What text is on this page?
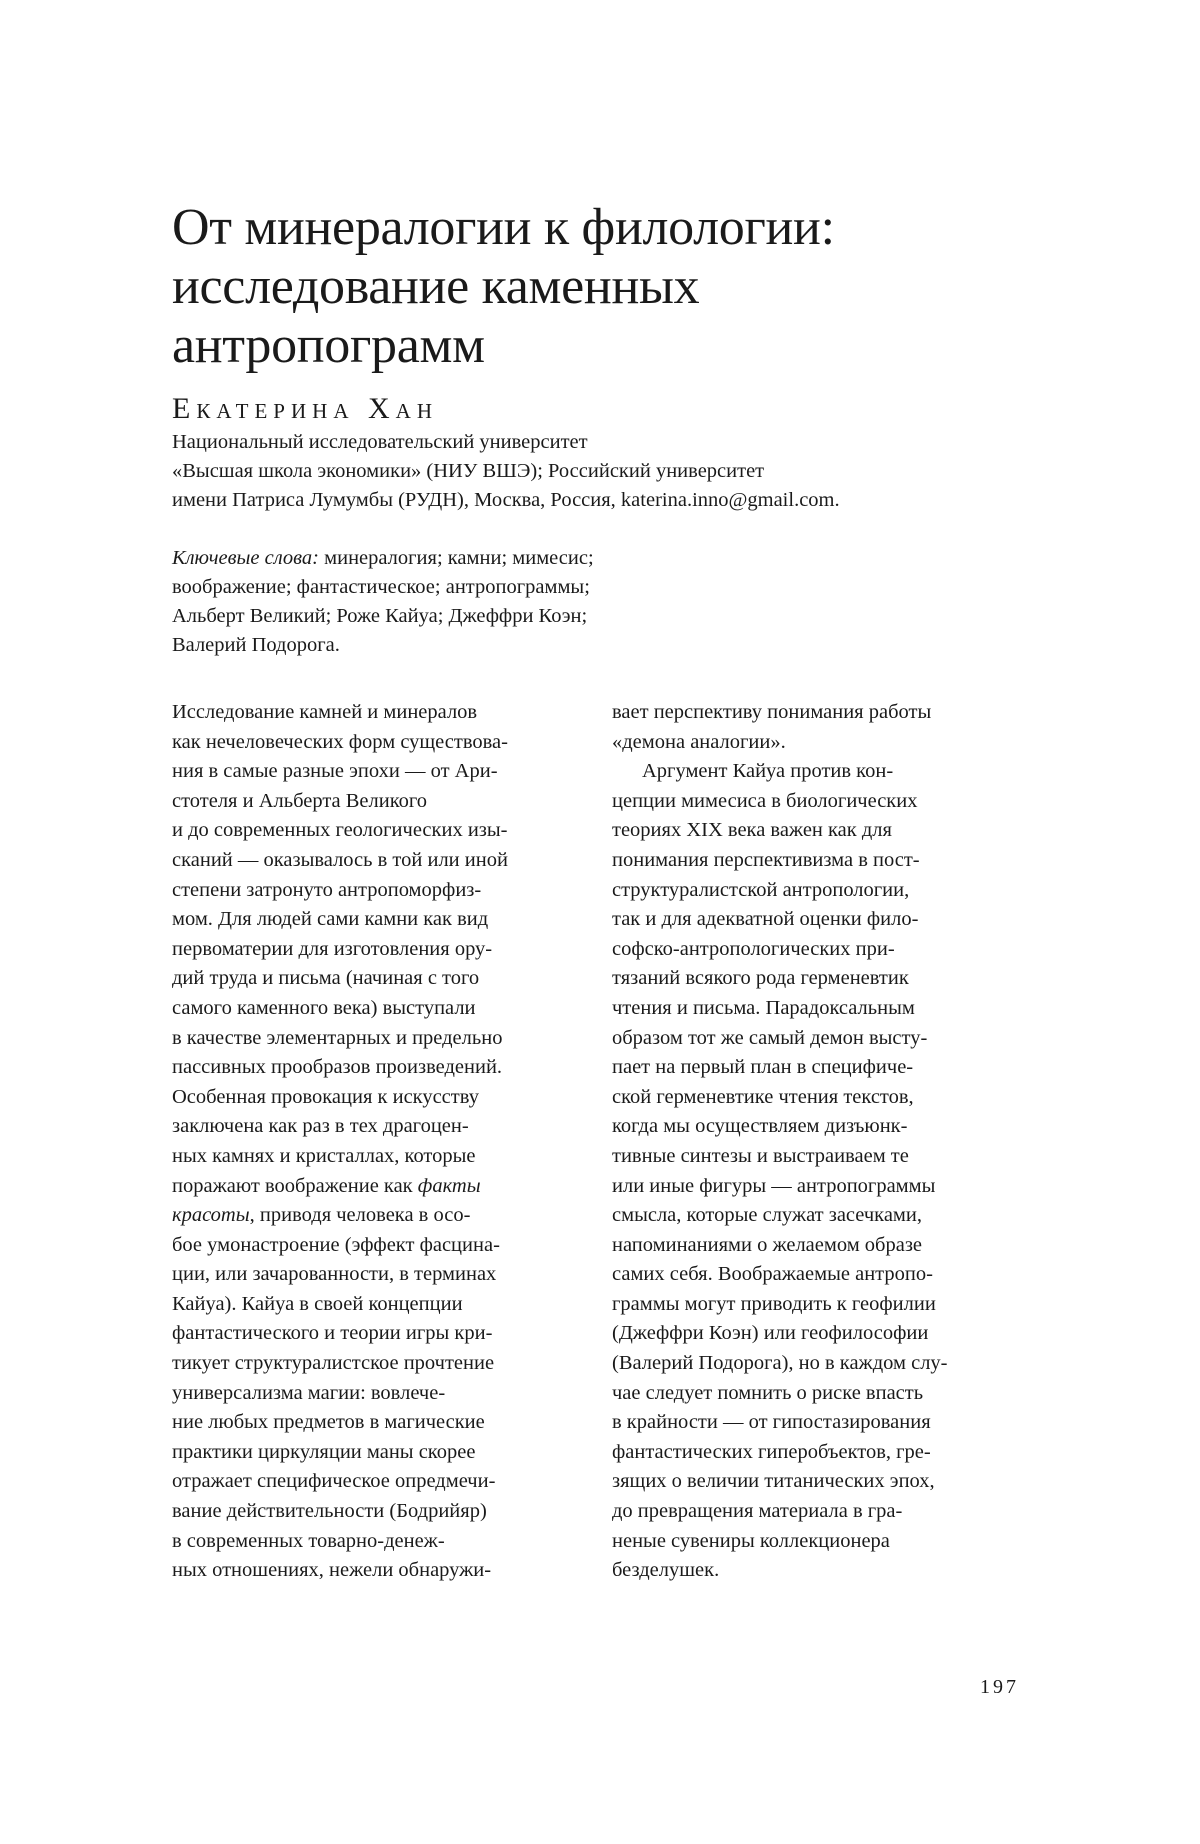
От минералогии к филологии:
исследование каменных
антропограмм

Екатерина Хан

Национальный исследовательский университет
«Высшая школа экономики» (НИУ ВШЭ); Российский университет
имени Патриса Лумумбы (РУДН), Москва, Россия, katerina.inno@gmail.com.

Ключевые слова: минералогия; камни; мимесис;
воображение; фантастическое; антропограммы;
Альберт Великий; Роже Кайуа; Джеффри Коэн;
Валерий Подорога.

Исследование камней и минералов
как нечеловеческих форм существова-
ния в самые разные эпохи — от Ари-
стотеля и Альберта Великого
и до современных геологических изы-
сканий — оказывалось в той или иной
степени затронуто антропоморфиз-
мом. Для людей сами камни как вид
первоматерии для изготовления ору-
дий труда и письма (начиная с того
самого каменного века) выступали
в качестве элементарных и предельно
пассивных прообразов произведений.
Особенная провокация к искусству
заключена как раз в тех драгоцен-
ных камнях и кристаллах, которые
поражают воображение как факты
красоты, приводя человека в осо-
бое умонастроение (эффект фасцина-
ции, или зачарованности, в терминах
Кайуа). Кайуа в своей концепции
фантастического и теории игры кри-
тикует структуралистское прочтение
универсализма магии: вовлече-
ние любых предметов в магические
практики циркуляции маны скорее
отражает специфическое опредмечи-
вание действительности (Бодрийяр)
в современных товарно-денеж-
ных отношениях, нежели обнаружи-
вает перспективу понимания работы
«демона аналогии».
Аргумент Кайуа против кон-
цепции мимесиса в биологических
теориях XIX века важен как для
понимания перспективизма в пост-
структуралистской антропологии,
так и для адекватной оценки фило-
софско-антропологических при-
тязаний всякого рода герменевтик
чтения и письма. Парадоксальным
образом тот же самый демон высту-
пает на первый план в специфиче-
ской герменевтике чтения текстов,
когда мы осуществляем дизъюнк-
тивные синтезы и выстраиваем те
или иные фигуры — антропограммы
смысла, которые служат засечками,
напоминаниями о желаемом образе
самих себя. Воображаемые антропо-
граммы могут приводить к геофилии
(Джеффри Коэн) или геофилософии
(Валерий Подорога), но в каждом слу-
чае следует помнить о риске впасть
в крайности — от гипостазирования
фантастических гиперобъектов, гре-
зящих о величии титанических эпох,
до превращения материала в гра-
неные сувениры коллекционера
безделушек.
197
